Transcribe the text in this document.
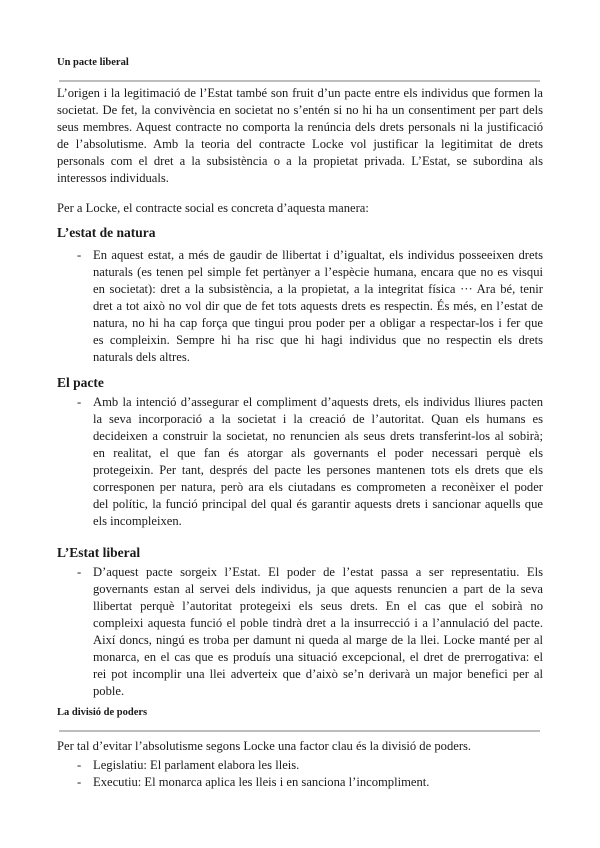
Un pacte liberal
L’origen i la legitimació de l’Estat també son fruit d’un pacte entre els individus que formen la
societat. De fet, la convivència en societat no s’entén si no hi ha un consentiment per part dels
seus membres. Aquest contracte no comporta la renúncia dels drets personals ni la justificació
de l’absolutisme. Amb la teoria del contracte Locke vol justificar la legitimitat de drets
personals com el dret a la subsistència o a la propietat privada. L’Estat, se subordina als
interessos individuals.
Per a Locke, el contracte social es concreta d’aquesta manera:
L’estat de natura
- En aquest estat, a més de gaudir de llibertat i d’igualtat, els individus posseeixen drets
naturals (es tenen pel simple fet pertànyer a l’espècie humana, encara que no es visqui
en societat): dret a la subsistència, a la propietat, a la integritat física ··· Ara bé, tenir
dret a tot això no vol dir que de fet tots aquests drets es respectin. És més, en l’estat de
natura, no hi ha cap força que tingui prou poder per a obligar a respectar-los i fer que
es compleixin. Sempre hi ha risc que hi hagi individus que no respectin els drets
naturals dels altres.
El pacte
- Amb la intenció d’assegurar el compliment d’aquests drets, els individus lliures pacten
la seva incorporació a la societat i la creació de l’autoritat. Quan els humans es
decideixen a construir la societat, no renuncien als seus drets transferint-los al sobirà;
en realitat, el que fan és atorgar als governants el poder necessari perquè els
protegeixin. Per tant, després del pacte les persones mantenen tots els drets que els
corresponen per natura, però ara els ciutadans es comprometen a reconèixer el poder
del polític, la funció principal del qual és garantir aquests drets i sancionar aquells que
els incompleixen.
L’Estat liberal
- D’aquest pacte sorgeix l’Estat. El poder de l’estat passa a ser representatiu. Els
governants estan al servei dels individus, ja que aquests renuncien a part de la seva
llibertat perquè l’autoritat protegeixi els seus drets. En el cas que el sobirà no
compleixi aquesta funció el poble tindrà dret a la insurrecció i a l’annulació del pacte.
Així doncs, ningú es troba per damunt ni queda al marge de la llei. Locke manté per al
monarca, en el cas que es produís una situació excepcional, el dret de prerrogativa: el
rei pot incomplir una llei adverteix que d’això se’n derivarà un major benefici per al
poble.
La divisió de poders
Per tal d’evitar l’absolutisme segons Locke una factor clau és la divisió de poders.
- Legislatiu: El parlament elabora les lleis.
- Executiu: El monarca aplica les lleis i en sanciona l’incompliment.
